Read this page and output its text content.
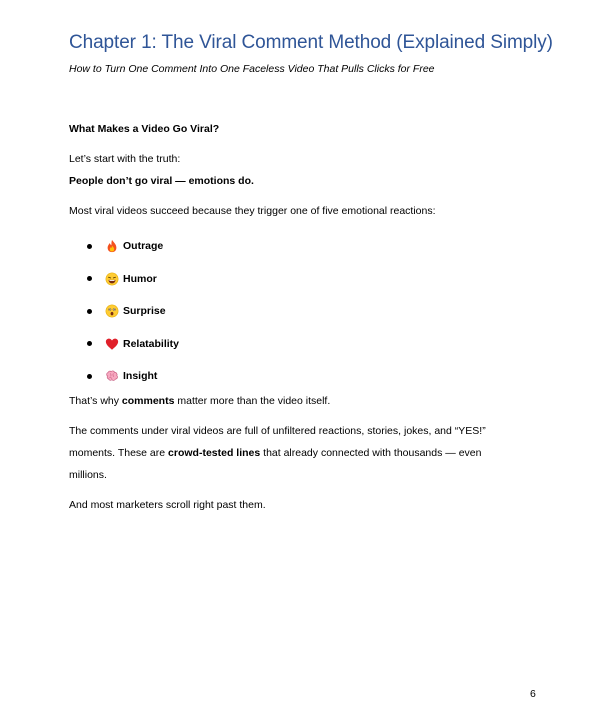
Chapter 1: The Viral Comment Method (Explained Simply)

How to Turn One Comment Into One Faceless Video That Pulls Clicks for Free

What Makes a Video Go Viral?

Let’s start with the truth:

People don’t go viral — emotions do.

Most viral videos succeed because they trigger one of five emotional reactions:

Outrage
Humor
Surprise
Relatability
Insight

That’s why comments matter more than the video itself.

The comments under viral videos are full of unfiltered reactions, stories, jokes, and “YES!”

moments. These are crowd-tested lines that already connected with thousands — even

millions.

And most marketers scroll right past them.

6
